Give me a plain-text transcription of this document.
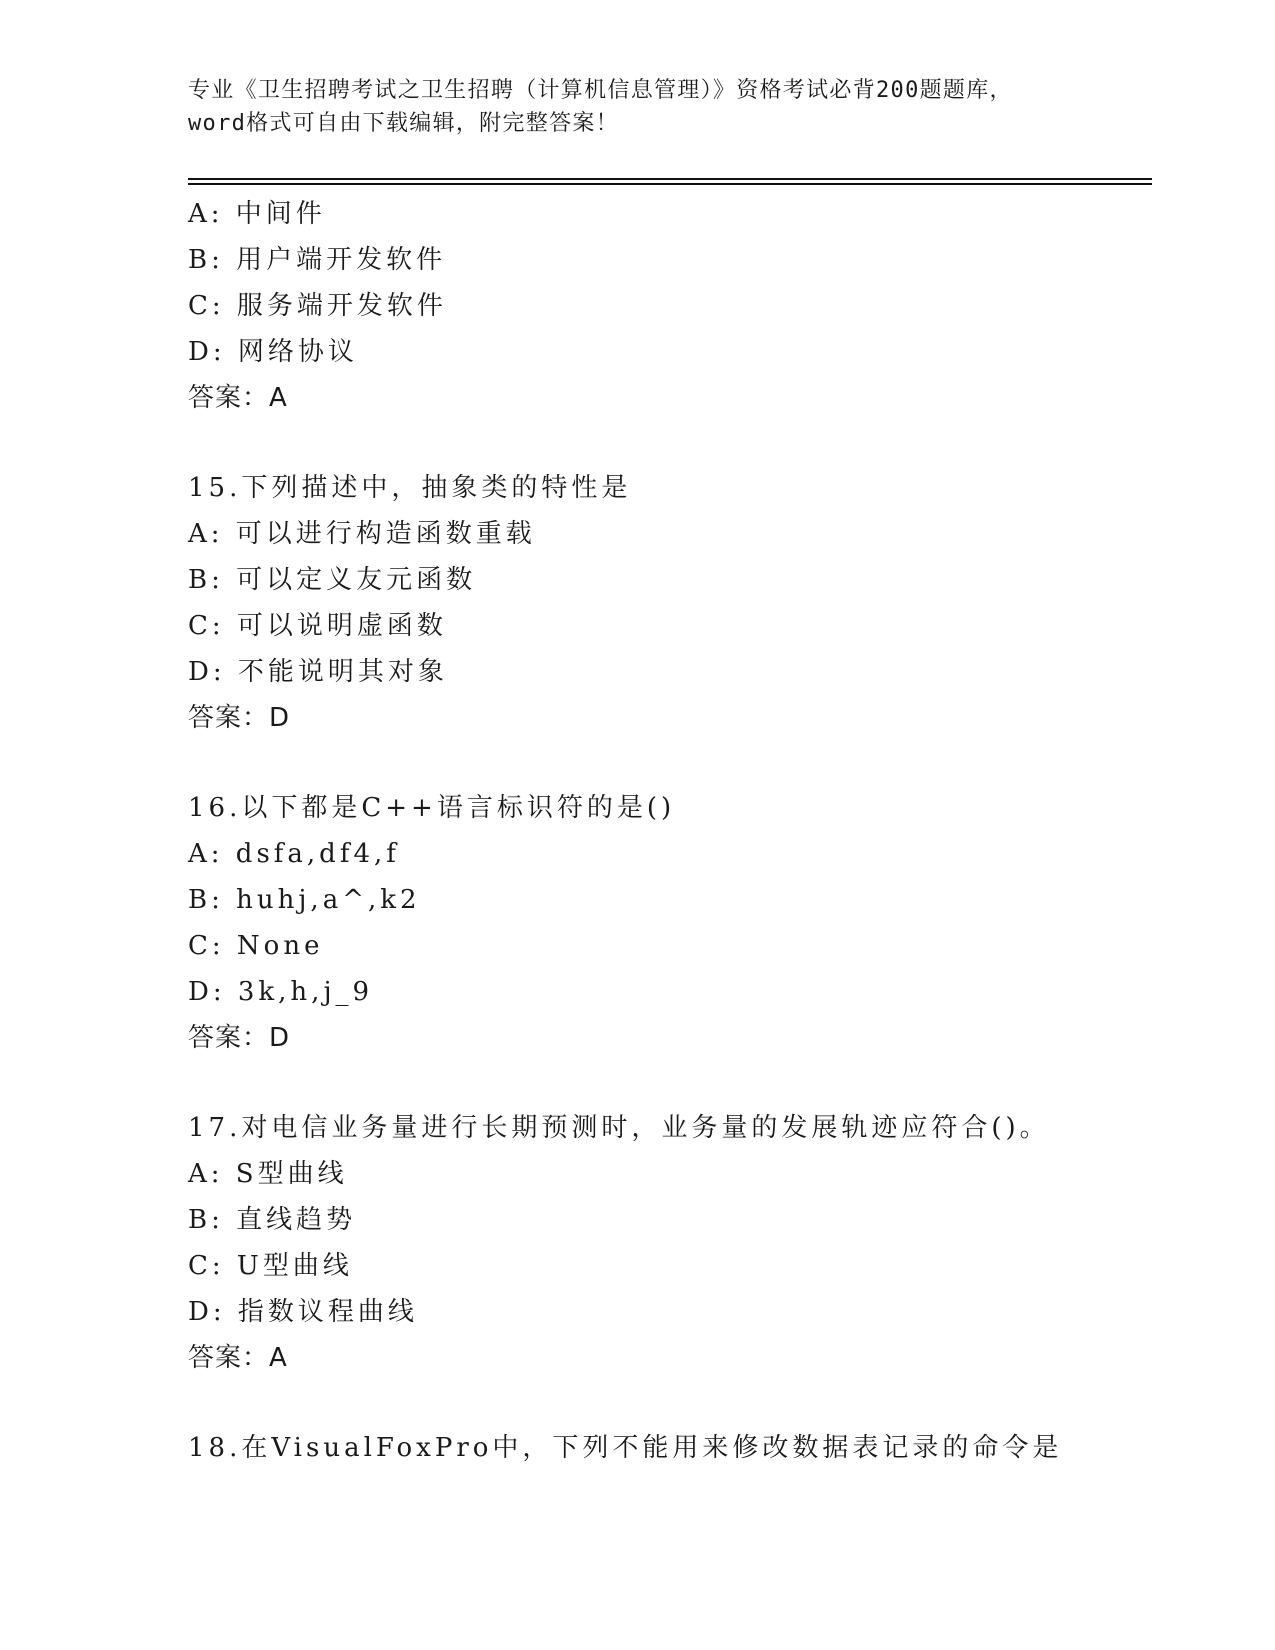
专业《卫生招聘考试之卫生招聘（计算机信息管理）》资格考试必背200题题库，
word格式可自由下载编辑，附完整答案！
A: 中间件
B: 用户端开发软件
C: 服务端开发软件
D: 网络协议
答案：A
15.下列描述中，抽象类的特性是
A: 可以进行构造函数重载
B: 可以定义友元函数
C: 可以说明虚函数
D: 不能说明其对象
答案：D
16.以下都是C++语言标识符的是()
A: dsfa,df4,f
B: huhj,a^,k2
C: None
D: 3k,h,j_9
答案：D
17.对电信业务量进行长期预测时，业务量的发展轨迹应符合()。
A: S型曲线
B: 直线趋势
C: U型曲线
D: 指数议程曲线
答案：A
18.在VisualFoxPro中，下列不能用来修改数据表记录的命令是
